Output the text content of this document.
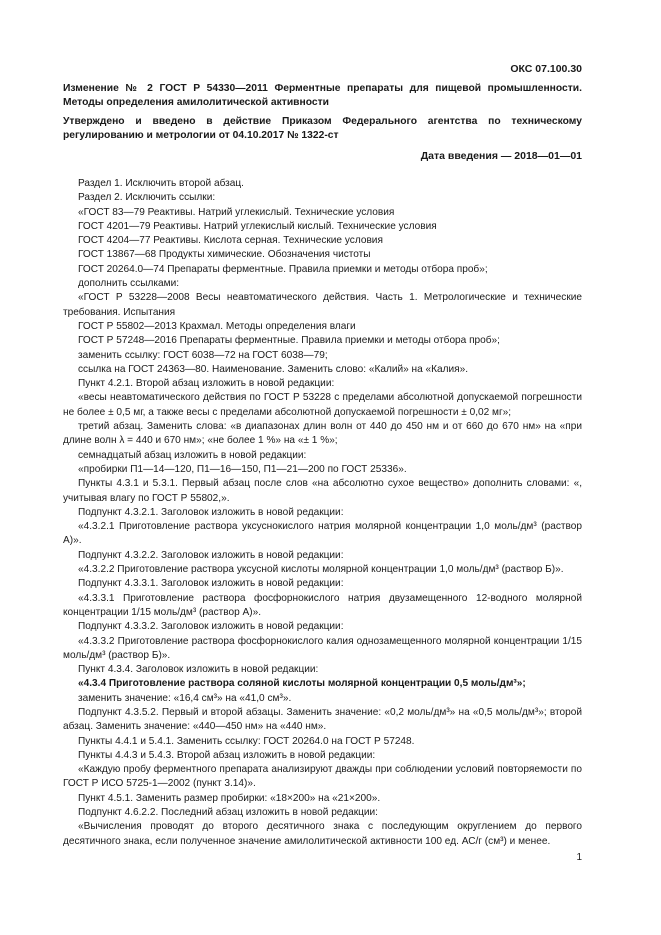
ОКС 07.100.30
Изменение № 2 ГОСТ Р 54330—2011 Ферментные препараты для пищевой промышленности. Методы определения амилолитической активности
Утверждено и введено в действие Приказом Федерального агентства по техническому регулированию и метрологии от 04.10.2017 № 1322-ст
Дата введения — 2018—01—01

Раздел 1. Исключить второй абзац.

Раздел 2. Исключить ссылки:

«ГОСТ 83—79 Реактивы. Натрий углекислый. Технические условия

ГОСТ 4201—79 Реактивы. Натрий углекислый кислый. Технические условия

ГОСТ 4204—77 Реактивы. Кислота серная. Технические условия

ГОСТ 13867—68 Продукты химические. Обозначения чистоты

ГОСТ 20264.0—74 Препараты ферментные. Правила приемки и методы отбора проб»;

дополнить ссылками:

«ГОСТ Р 53228—2008 Весы неавтоматического действия. Часть 1. Метрологические и технические требования. Испытания

ГОСТ Р 55802—2013 Крахмал. Методы определения влаги

ГОСТ Р 57248—2016 Препараты ферментные. Правила приемки и методы отбора проб»;

заменить ссылку: ГОСТ 6038—72 на ГОСТ 6038—79;

ссылка на ГОСТ 24363—80. Наименование. Заменить слово: «Калий» на «Калия».

Пункт 4.2.1. Второй абзац изложить в новой редакции:

«весы неавтоматического действия по ГОСТ Р 53228 с пределами абсолютной допускаемой погрешности не более ± 0,5 мг, а также весы с пределами абсолютной допускаемой погрешности ± 0,02 мг»;

третий абзац. Заменить слова: «в диапазонах длин волн от 440 до 450 нм и от 660 до 670 нм» на «при длине волн λ = 440 и 670 нм»; «не более 1 %» на «± 1 %»;

семнадцатый абзац изложить в новой редакции:

«пробирки П1—14—120, П1—16—150, П1—21—200 по ГОСТ 25336».

Пункты 4.3.1 и 5.3.1. Первый абзац после слов «на абсолютно сухое вещество» дополнить словами: «, учитывая влагу по ГОСТ Р 55802,».

Подпункт 4.3.2.1. Заголовок изложить в новой редакции:

«4.3.2.1 Приготовление раствора уксуснокислого натрия молярной концентрации 1,0 моль/дм³ (раствор А)».

Подпункт 4.3.2.2. Заголовок изложить в новой редакции:

«4.3.2.2 Приготовление раствора уксусной кислоты молярной концентрации 1,0 моль/дм³ (раствор Б)».

Подпункт 4.3.3.1. Заголовок изложить в новой редакции:

«4.3.3.1 Приготовление раствора фосфорнокислого натрия двузамещенного 12-водного молярной концентрации 1/15 моль/дм³ (раствор А)».

Подпункт 4.3.3.2. Заголовок изложить в новой редакции:

«4.3.3.2 Приготовление раствора фосфорнокислого калия однозамещенного молярной концентрации 1/15 моль/дм³ (раствор Б)».

Пункт 4.3.4. Заголовок изложить в новой редакции:

«4.3.4 Приготовление раствора соляной кислоты молярной концентрации 0,5 моль/дм³»;

заменить значение: «16,4 см³» на «41,0 см³».

Подпункт 4.3.5.2. Первый и второй абзацы. Заменить значение: «0,2 моль/дм³» на «0,5 моль/дм³»; второй абзац. Заменить значение: «440—450 нм» на «440 нм».

Пункты 4.4.1 и 5.4.1. Заменить ссылку: ГОСТ 20264.0 на ГОСТ Р 57248.

Пункты 4.4.3 и 5.4.3. Второй абзац изложить в новой редакции:

«Каждую пробу ферментного препарата анализируют дважды при соблюдении условий повторяемости по ГОСТ Р ИСО 5725-1—2002 (пункт 3.14)».

Пункт 4.5.1. Заменить размер пробирки: «18×200» на «21×200».

Подпункт 4.6.2.2. Последний абзац изложить в новой редакции:

«Вычисления проводят до второго десятичного знака с последующим округлением до первого десятичного знака, если полученное значение амилолитической активности 100 ед. АС/г (см³) и менее.

1
